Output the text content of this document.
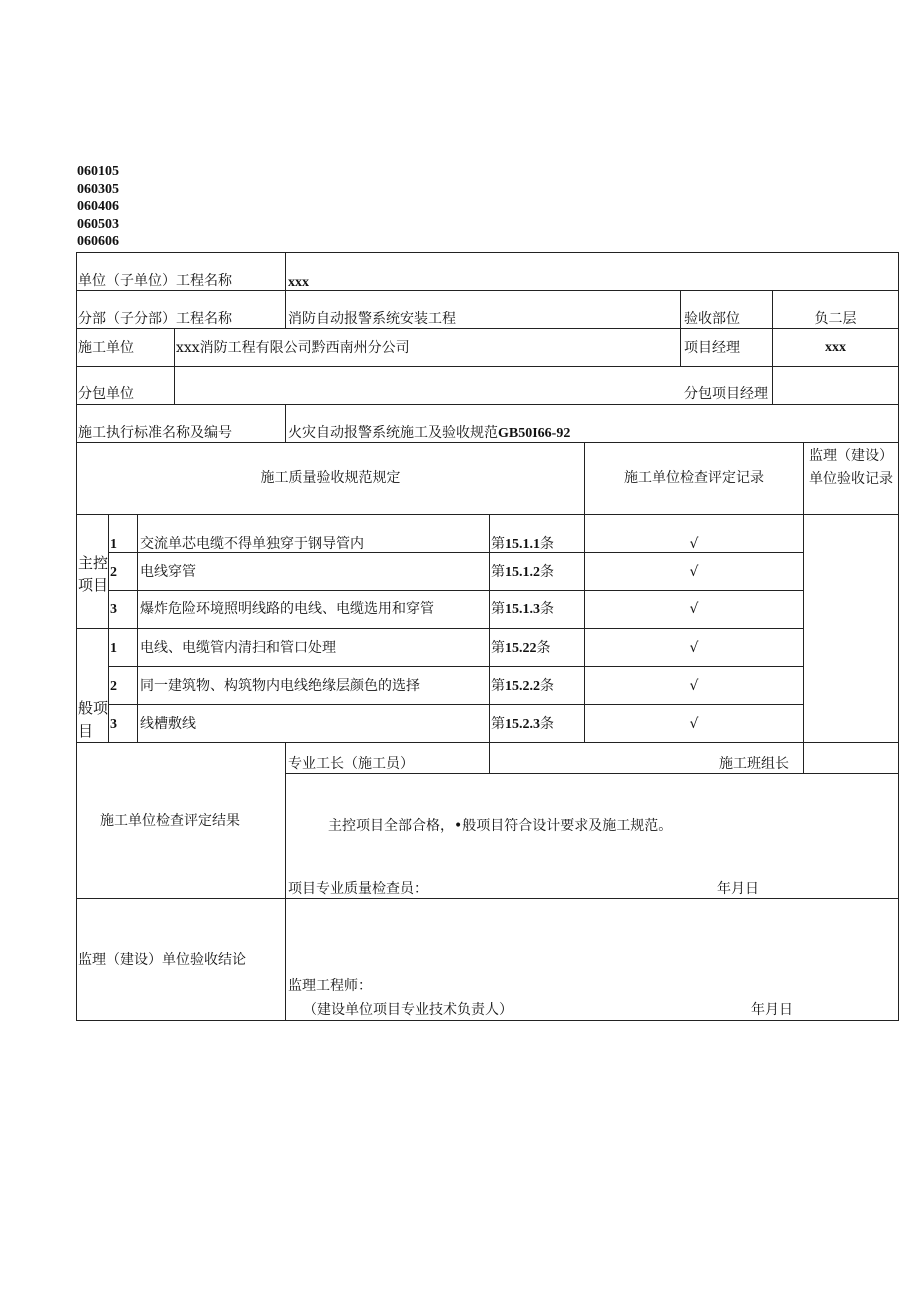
060105
060305
060406
060503
060606
单位（子单位）工程名称	xxx
分部（子分部）工程名称	消防自动报警系统安装工程	验收部位	负二层
施工单位	xxx消防工程有限公司黔西南州分公司	项目经理	xxx
分包单位	分包项目经理
施工执行标准名称及编号	火灾自动报警系统施工及验收规范GB50I66-92
施工质量验收规范规定	施工单位检查评定记录
监理（建设）
单位验收记录
主控
项目
1 交流单芯电缆不得单独穿于钢导管内	第15.1.1条	√
2 电线穿管	第15.1.2条	√
3 爆炸危险环境照明线路的电线、电缆选用和穿管	第15.1.3条	√
般项
目
1 电线、电缆管内清扫和管口处理	第15.22条	√
2 同一建筑物、构筑物内电线绝缘层颜色的选择	第15.2.2条	√
3 线槽敷线	第15.2.3条	√
专业工长（施工员）	施工班组长
施工单位检查评定结果	主控项目全部合格，•般项目符合设计要求及施工规范。
项目专业质量检查员：	年月日
监理（建设）单位验收结论
监理工程师：
（建设单位项目专业技术负责人）	年月日
